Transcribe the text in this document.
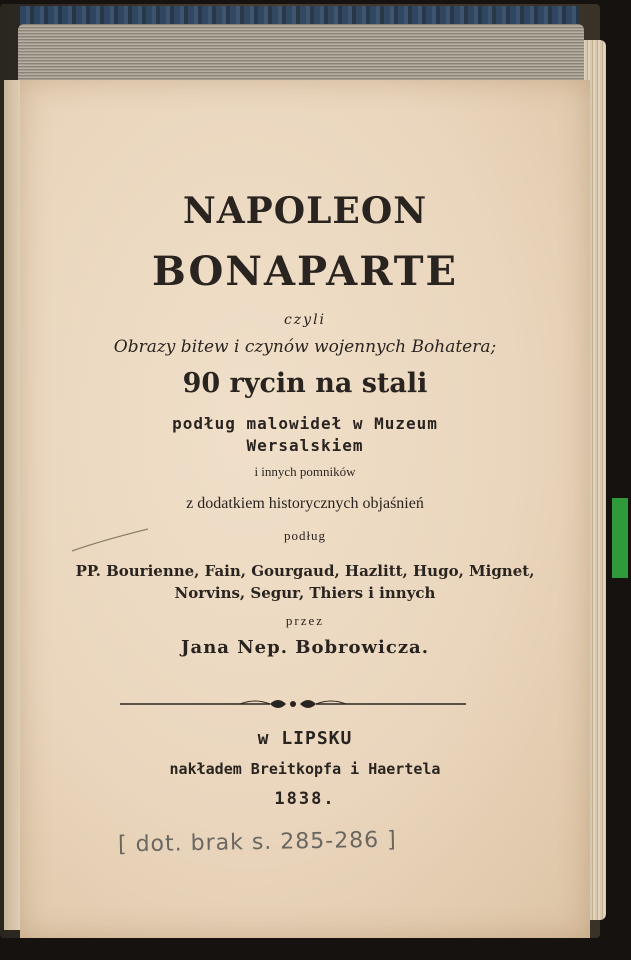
NAPOLEON
BONAPARTE
czyli
Obrazy bitew i czynów wojennych Bohatera;
90 rycin na stali
podług malowideł w Muzeum
Wersalskiem
i innych pomników
z dodatkiem historycznych objaśnień
podług
PP. Bourienne, Fain, Gourgaud, Hazlitt, Hugo, Mignet,
Norvins, Segur, Thiers i innych
przez
Jana Nep. Bobrowicza.
w LIPSKU
nakładem Breitkopfa i Haertela
1838.
[ dot. brak s. 285-286 ]
